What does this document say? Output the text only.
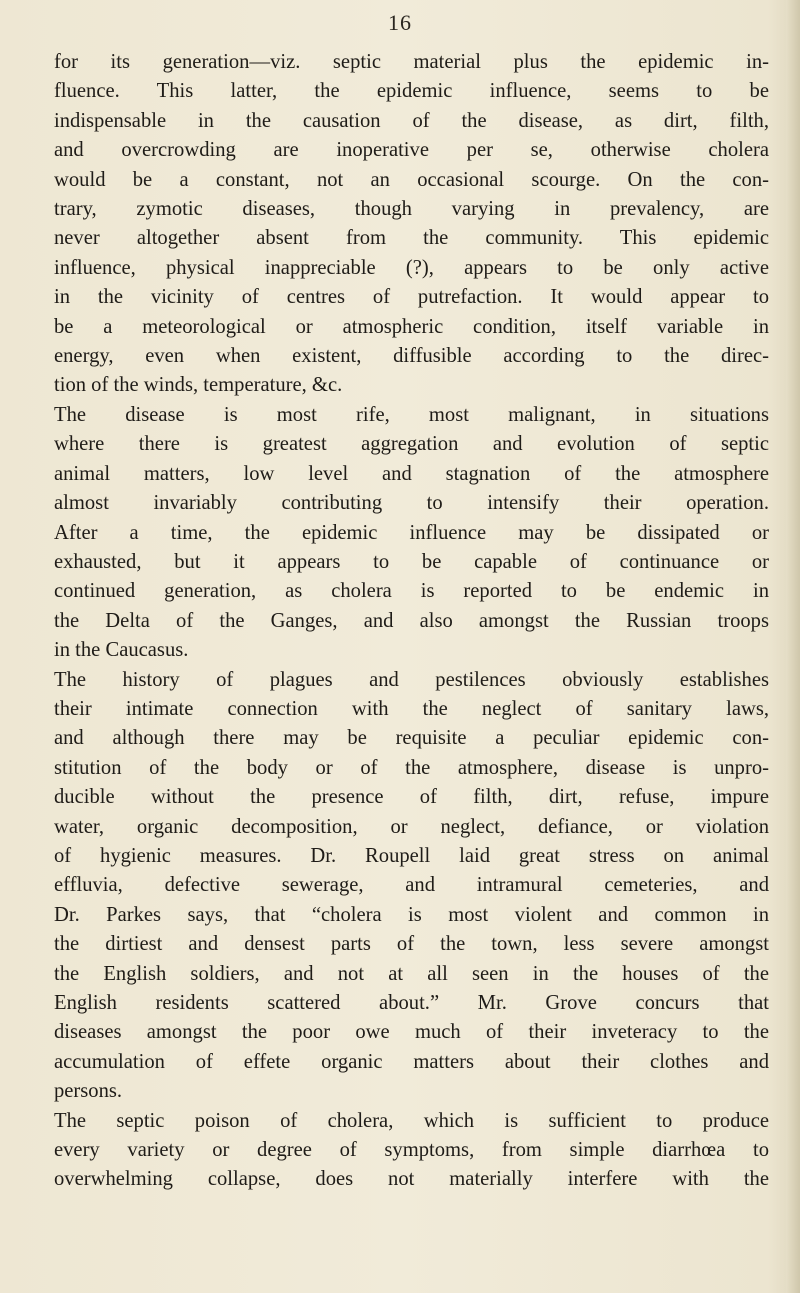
16
for its generation—viz. septic material plus the epidemic in-
fluence. This latter, the epidemic influence, seems to be
indispensable in the causation of the disease, as dirt, filth,
and overcrowding are inoperative per se, otherwise cholera
would be a constant, not an occasional scourge. On the con-
trary, zymotic diseases, though varying in prevalency, are
never altogether absent from the community. This epidemic
influence, physical inappreciable (?), appears to be only active
in the vicinity of centres of putrefaction. It would appear to
be a meteorological or atmospheric condition, itself variable in
energy, even when existent, diffusible according to the direc-
tion of the winds, temperature, &c.
The disease is most rife, most malignant, in situations
where there is greatest aggregation and evolution of septic
animal matters, low level and stagnation of the atmosphere
almost invariably contributing to intensify their operation.
After a time, the epidemic influence may be dissipated or
exhausted, but it appears to be capable of continuance or
continued generation, as cholera is reported to be endemic in
the Delta of the Ganges, and also amongst the Russian troops
in the Caucasus.
The history of plagues and pestilences obviously establishes
their intimate connection with the neglect of sanitary laws,
and although there may be requisite a peculiar epidemic con-
stitution of the body or of the atmosphere, disease is unpro-
ducible without the presence of filth, dirt, refuse, impure
water, organic decomposition, or neglect, defiance, or violation
of hygienic measures. Dr. Roupell laid great stress on animal
effluvia, defective sewerage, and intramural cemeteries, and
Dr. Parkes says, that “cholera is most violent and common in
the dirtiest and densest parts of the town, less severe amongst
the English soldiers, and not at all seen in the houses of the
English residents scattered about.” Mr. Grove concurs that
diseases amongst the poor owe much of their inveteracy to the
accumulation of effete organic matters about their clothes and
persons.
The septic poison of cholera, which is sufficient to produce
every variety or degree of symptoms, from simple diarrhœa to
overwhelming collapse, does not materially interfere with the
